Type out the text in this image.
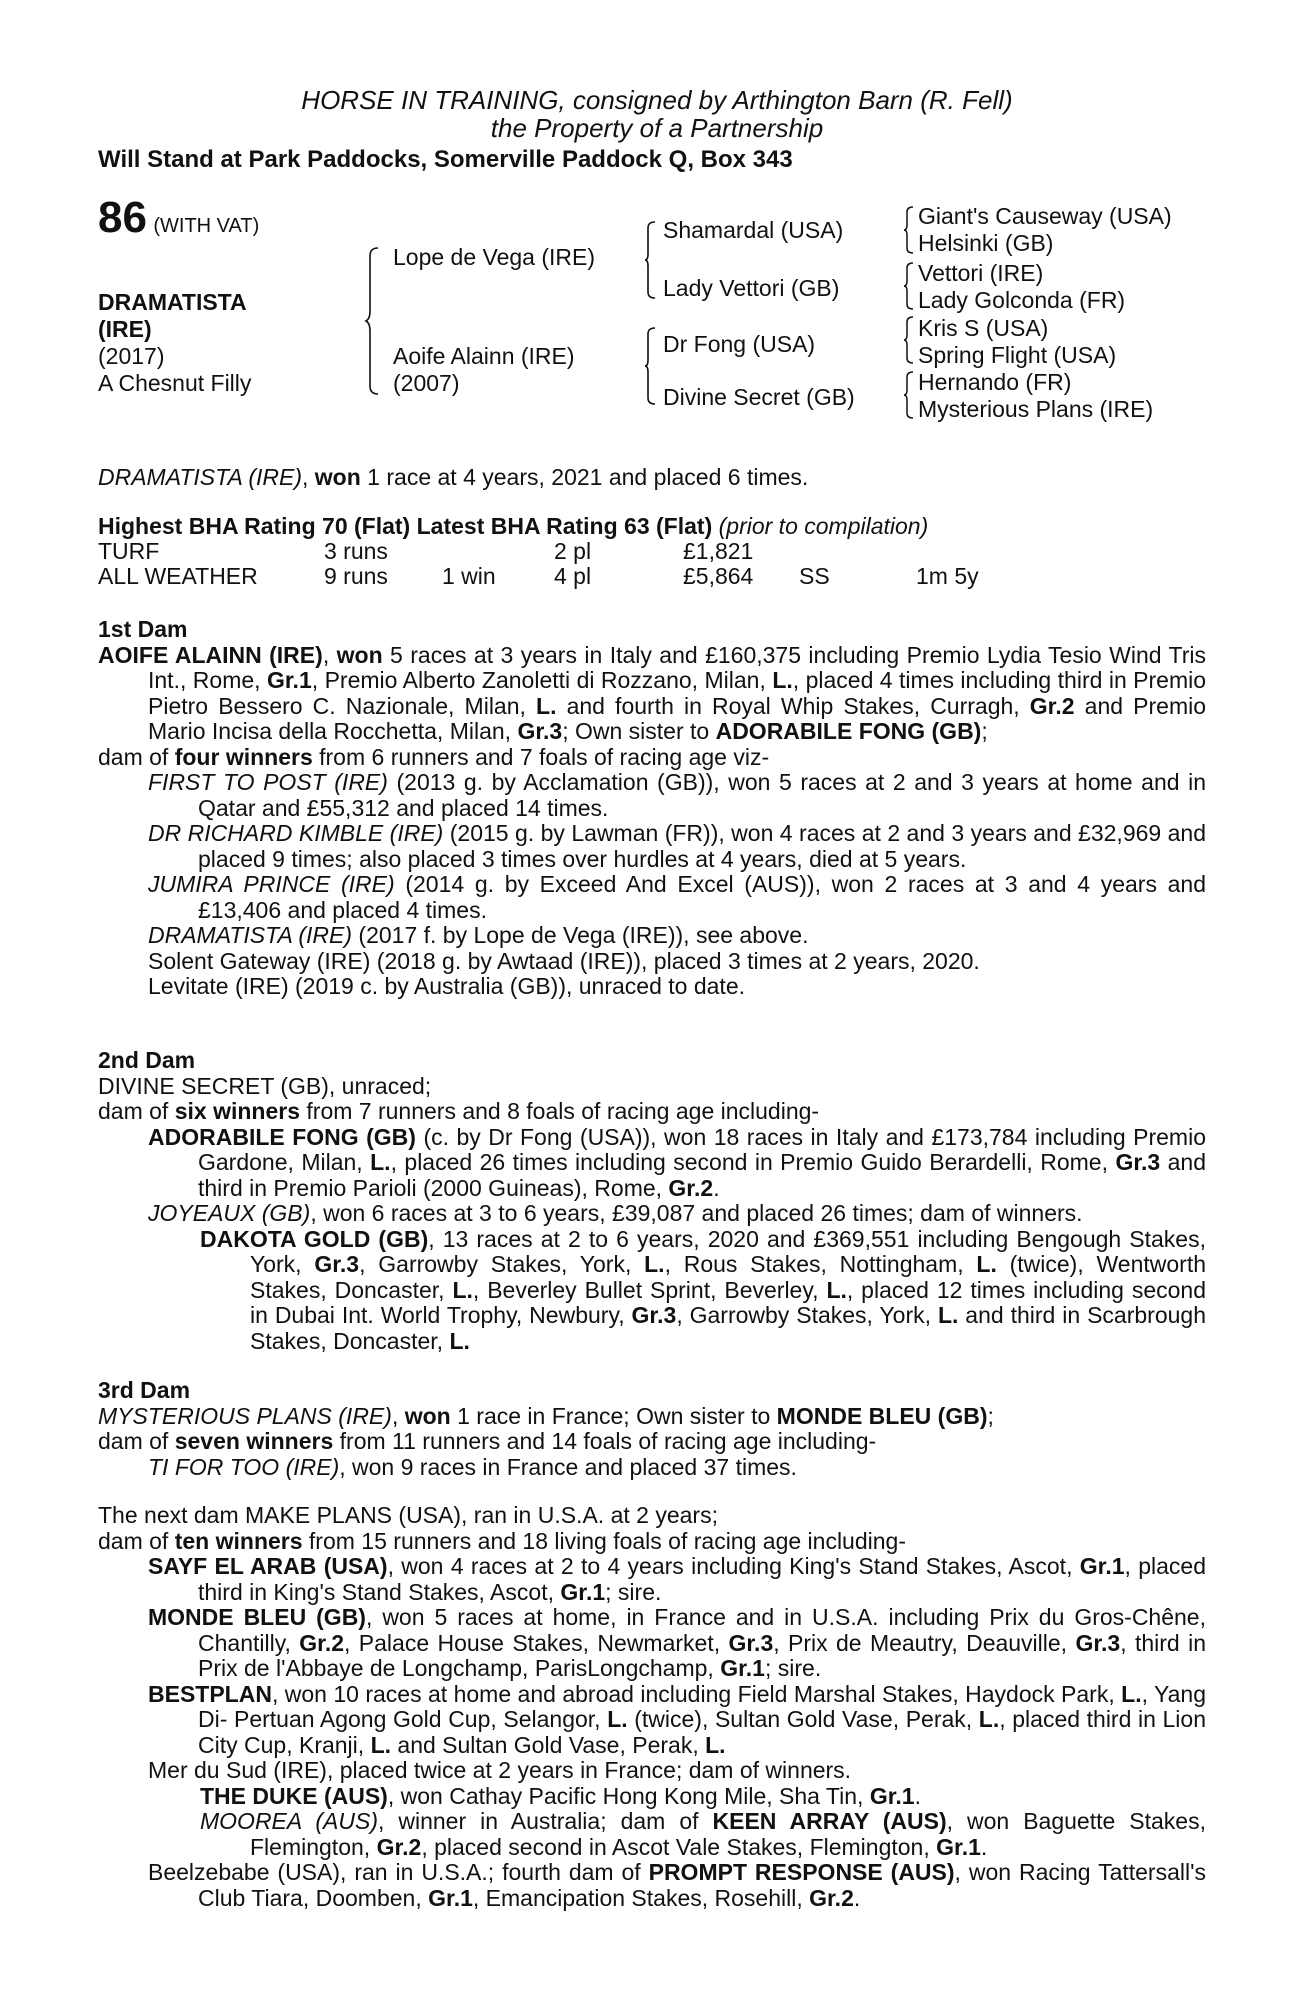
HORSE IN TRAINING, consigned by Arthington Barn (R. Fell)
the Property of a Partnership
Will Stand at Park Paddocks, Somerville Paddock Q, Box 343
86 (WITH VAT)
DRAMATISTA
(IRE)
(2017)
A Chesnut Filly
Lope de Vega (IRE)
Aoife Alainn (IRE)
(2007)
Shamardal (USA)
Lady Vettori (GB)
Dr Fong (USA)
Divine Secret (GB)
Giant's Causeway (USA)
Helsinki (GB)
Vettori (IRE)
Lady Golconda (FR)
Kris S (USA)
Spring Flight (USA)
Hernando (FR)
Mysterious Plans (IRE)
DRAMATISTA (IRE), won 1 race at 4 years, 2021 and placed 6 times.
Highest BHA Rating 70 (Flat) Latest BHA Rating 63 (Flat) (prior to compilation)
TURF	3 runs	2 pl	£1,821
ALL WEATHER	9 runs 1 win	4 pl	£5,864 SS	1m 5y

1st Dam

AOIFE ALAINN (IRE), won 5 races at 3 years in Italy and £160,375 including Premio Lydia Tesio Wind Tris Int., Rome, Gr.1, Premio Alberto Zanoletti di Rozzano, Milan, L., placed 4 times including third in Premio Pietro Bessero C. Nazionale, Milan, L. and fourth in Royal Whip Stakes, Curragh, Gr.2 and Premio Mario Incisa della Rocchetta, Milan, Gr.3; Own sister to ADORABILE FONG (GB);

dam of four winners from 6 runners and 7 foals of racing age viz-

FIRST TO POST (IRE) (2013 g. by Acclamation (GB)), won 5 races at 2 and 3 years at home and in Qatar and £55,312 and placed 14 times.

DR RICHARD KIMBLE (IRE) (2015 g. by Lawman (FR)), won 4 races at 2 and 3 years and £32,969 and placed 9 times; also placed 3 times over hurdles at 4 years, died at 5 years.

JUMIRA PRINCE (IRE) (2014 g. by Exceed And Excel (AUS)), won 2 races at 3 and 4 years and £13,406 and placed 4 times.

DRAMATISTA (IRE) (2017 f. by Lope de Vega (IRE)), see above.

Solent Gateway (IRE) (2018 g. by Awtaad (IRE)), placed 3 times at 2 years, 2020.

Levitate (IRE) (2019 c. by Australia (GB)), unraced to date.

2nd Dam

DIVINE SECRET (GB), unraced;

dam of six winners from 7 runners and 8 foals of racing age including-

ADORABILE FONG (GB) (c. by Dr Fong (USA)), won 18 races in Italy and £173,784 including Premio Gardone, Milan, L., placed 26 times including second in Premio Guido Berardelli, Rome, Gr.3 and third in Premio Parioli (2000 Guineas), Rome, Gr.2.

JOYEAUX (GB), won 6 races at 3 to 6 years, £39,087 and placed 26 times; dam of winners.

DAKOTA GOLD (GB), 13 races at 2 to 6 years, 2020 and £369,551 including Bengough Stakes, York, Gr.3, Garrowby Stakes, York, L., Rous Stakes, Nottingham, L. (twice), Wentworth Stakes, Doncaster, L., Beverley Bullet Sprint, Beverley, L., placed 12 times including second in Dubai Int. World Trophy, Newbury, Gr.3, Garrowby Stakes, York, L. and third in Scarbrough Stakes, Doncaster, L.

3rd Dam

MYSTERIOUS PLANS (IRE), won 1 race in France; Own sister to MONDE BLEU (GB);

dam of seven winners from 11 runners and 14 foals of racing age including-

TI FOR TOO (IRE), won 9 races in France and placed 37 times.

The next dam MAKE PLANS (USA), ran in U.S.A. at 2 years;

dam of ten winners from 15 runners and 18 living foals of racing age including-

SAYF EL ARAB (USA), won 4 races at 2 to 4 years including King's Stand Stakes, Ascot, Gr.1, placed third in King's Stand Stakes, Ascot, Gr.1; sire.

MONDE BLEU (GB), won 5 races at home, in France and in U.S.A. including Prix du Gros-Chêne, Chantilly, Gr.2, Palace House Stakes, Newmarket, Gr.3, Prix de Meautry, Deauville, Gr.3, third in Prix de l'Abbaye de Longchamp, ParisLongchamp, Gr.1; sire.

BESTPLAN, won 10 races at home and abroad including Field Marshal Stakes, Haydock Park, L., Yang Di- Pertuan Agong Gold Cup, Selangor, L. (twice), Sultan Gold Vase, Perak, L., placed third in Lion City Cup, Kranji, L. and Sultan Gold Vase, Perak, L.

Mer du Sud (IRE), placed twice at 2 years in France; dam of winners.

THE DUKE (AUS), won Cathay Pacific Hong Kong Mile, Sha Tin, Gr.1.

MOOREA (AUS), winner in Australia; dam of KEEN ARRAY (AUS), won Baguette Stakes, Flemington, Gr.2, placed second in Ascot Vale Stakes, Flemington, Gr.1.

Beelzebabe (USA), ran in U.S.A.; fourth dam of PROMPT RESPONSE (AUS), won Racing Tattersall's Club Tiara, Doomben, Gr.1, Emancipation Stakes, Rosehill, Gr.2.
